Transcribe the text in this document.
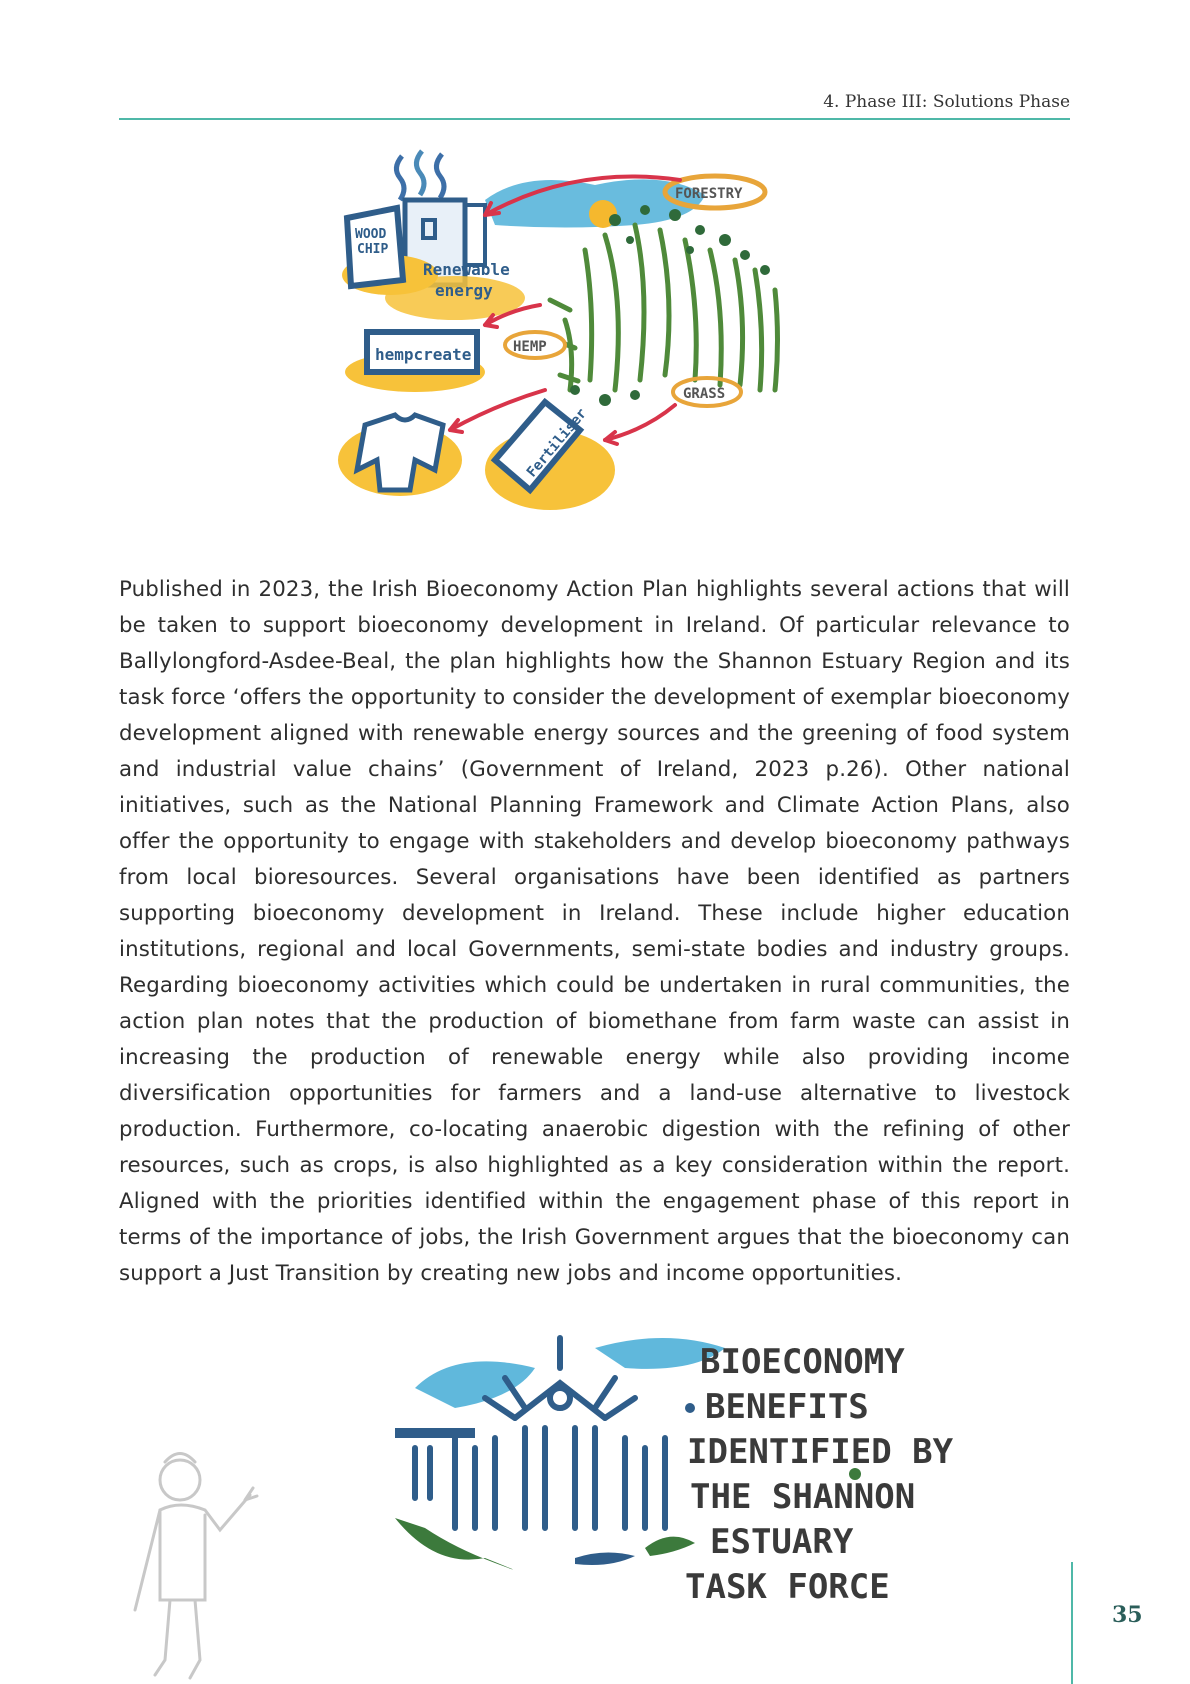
4. Phase III: Solutions Phase
WOOD
CHIP
Renewable
energy
hempcreate
Fertiliser
FORESTRY
HEMP
GRASS

Published in 2023, the Irish Bioeconomy Action Plan highlights several actions that will be taken to support bioeconomy development in Ireland. Of particular relevance to Ballylongford-Asdee-Beal, the plan highlights how the Shannon Estuary Region and its task force ‘offers the opportunity to consider the development of exemplar bioeconomy development aligned with renewable energy sources and the greening of food system and industrial value chains’ (Government of Ireland, 2023 p.26). Other national initiatives, such as the National Planning Framework and Climate Action Plans, also offer the opportunity to engage with stakeholders and develop bioeconomy pathways from local bioresources. Several organisations have been identified as partners supporting bioeconomy development in Ireland. These include higher education institutions, regional and local Governments, semi-state bodies and industry groups. Regarding bioeconomy activities which could be undertaken in rural communities, the action plan notes that the production of biomethane from farm waste can assist in increasing the production of renewable energy while also providing income diversification opportunities for farmers and a land-use alternative to livestock production. Furthermore, co-locating anaerobic digestion with the refining of other resources, such as crops, is also highlighted as a key consideration within the report. Aligned with the priorities identified within the engagement phase of this report in terms of the importance of jobs, the Irish Government argues that the bioeconomy can support a Just Transition by creating new jobs and income opportunities.

BIOECONOMY
BENEFITS
IDENTIFIED BY
THE SHANNON
ESTUARY
TASK FORCE
35
